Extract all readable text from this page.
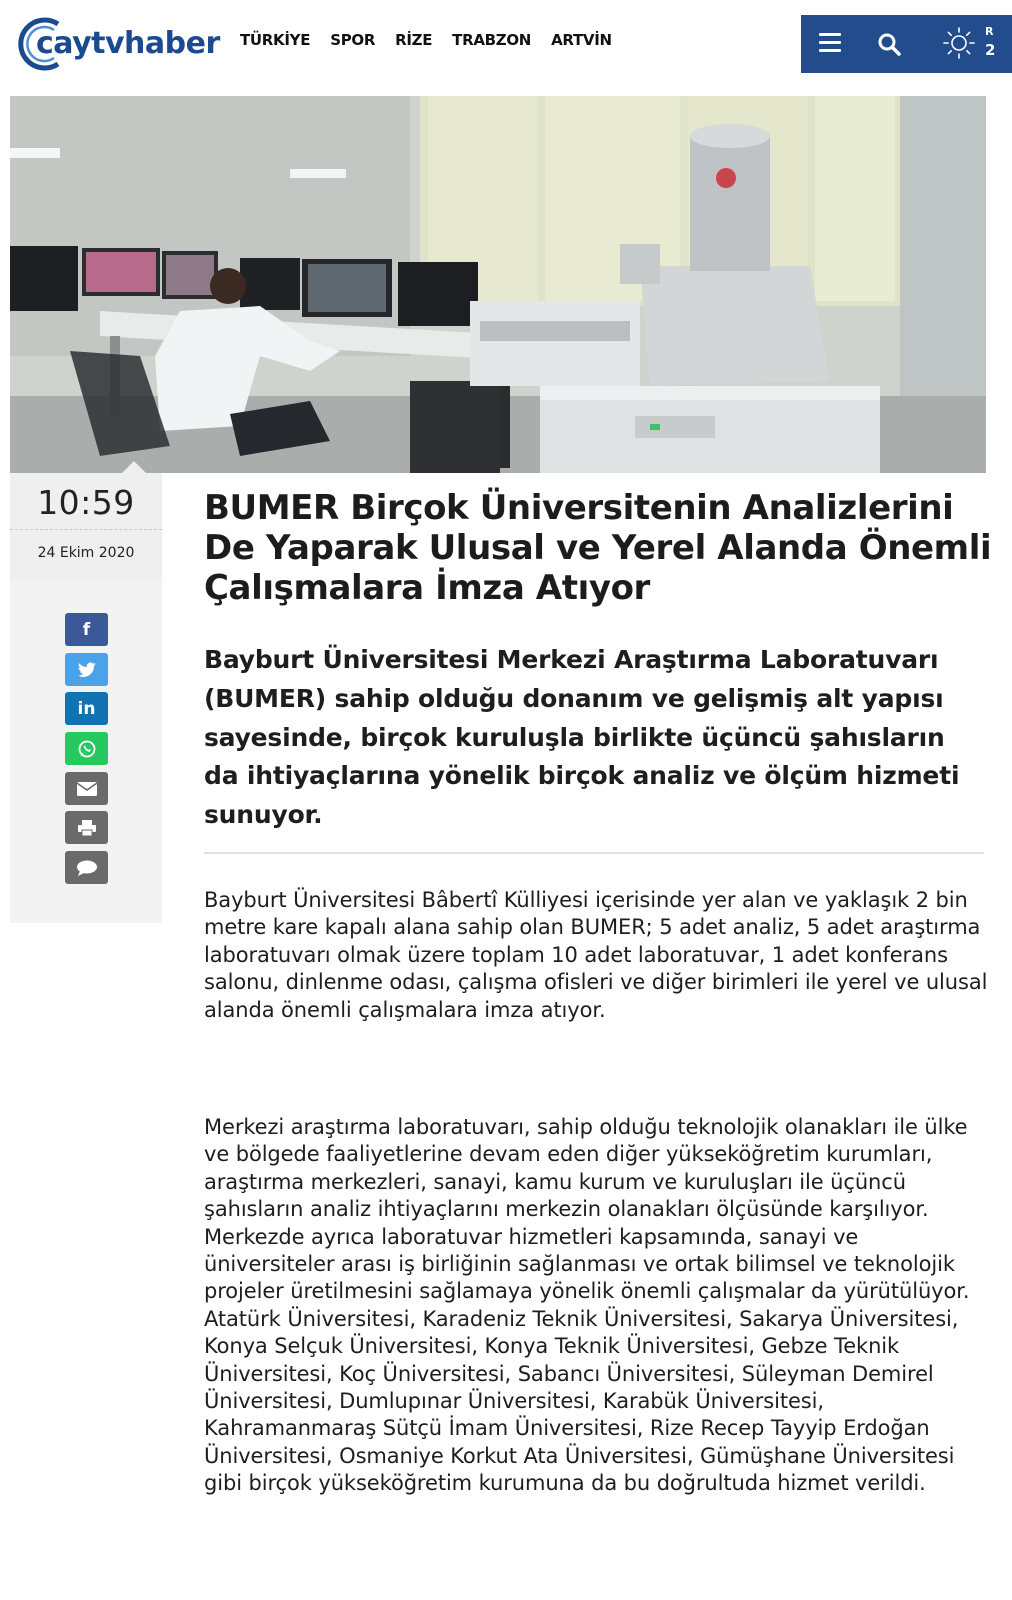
caytvhaber TÜRKİYE SPOR RİZE TRABZON ARTVİN	R
2
10:59
24 Ekim 2020
f
in
BUMER Birçok Üniversitenin Analizlerini De Yaparak Ulusal ve Yerel Alanda Önemli Çalışmalara İmza Atıyor
Bayburt Üniversitesi Merkezi Araştırma Laboratuvarı (BUMER) sahip olduğu donanım ve gelişmiş alt yapısı sayesinde, birçok kuruluşla birlikte üçüncü şahısların da ihtiyaçlarına yönelik birçok analiz ve ölçüm hizmeti sunuyor.

Bayburt Üniversitesi Bâbertî Külliyesi içerisinde yer alan ve yaklaşık 2 bin metre kare kapalı alana sahip olan BUMER; 5 adet analiz, 5 adet araştırma laboratuvarı olmak üzere toplam 10 adet laboratuvar, 1 adet konferans salonu, dinlenme odası, çalışma ofisleri ve diğer birimleri ile yerel ve ulusal alanda önemli çalışmalara imza atıyor.

Merkezi araştırma laboratuvarı, sahip olduğu teknolojik olanakları ile ülke ve bölgede faaliyetlerine devam eden diğer yükseköğretim kurumları, araştırma merkezleri, sanayi, kamu kurum ve kuruluşları ile üçüncü şahısların analiz ihtiyaçlarını merkezin olanakları ölçüsünde karşılıyor. Merkezde ayrıca laboratuvar hizmetleri kapsamında, sanayi ve üniversiteler arası iş birliğinin sağlanması ve ortak bilimsel ve teknolojik projeler üretilmesini sağlamaya yönelik önemli çalışmalar da yürütülüyor.

Atatürk Üniversitesi, Karadeniz Teknik Üniversitesi, Sakarya Üniversitesi, Konya Selçuk Üniversitesi, Konya Teknik Üniversitesi, Gebze Teknik Üniversitesi, Koç Üniversitesi, Sabancı Üniversitesi, Süleyman Demirel Üniversitesi, Dumlupınar Üniversitesi, Karabük Üniversitesi, Kahramanmaraş Sütçü İmam Üniversitesi, Rize Recep Tayyip Erdoğan Üniversitesi, Osmaniye Korkut Ata Üniversitesi, Gümüşhane Üniversitesi gibi birçok yükseköğretim kurumuna da bu doğrultuda hizmet verildi.
